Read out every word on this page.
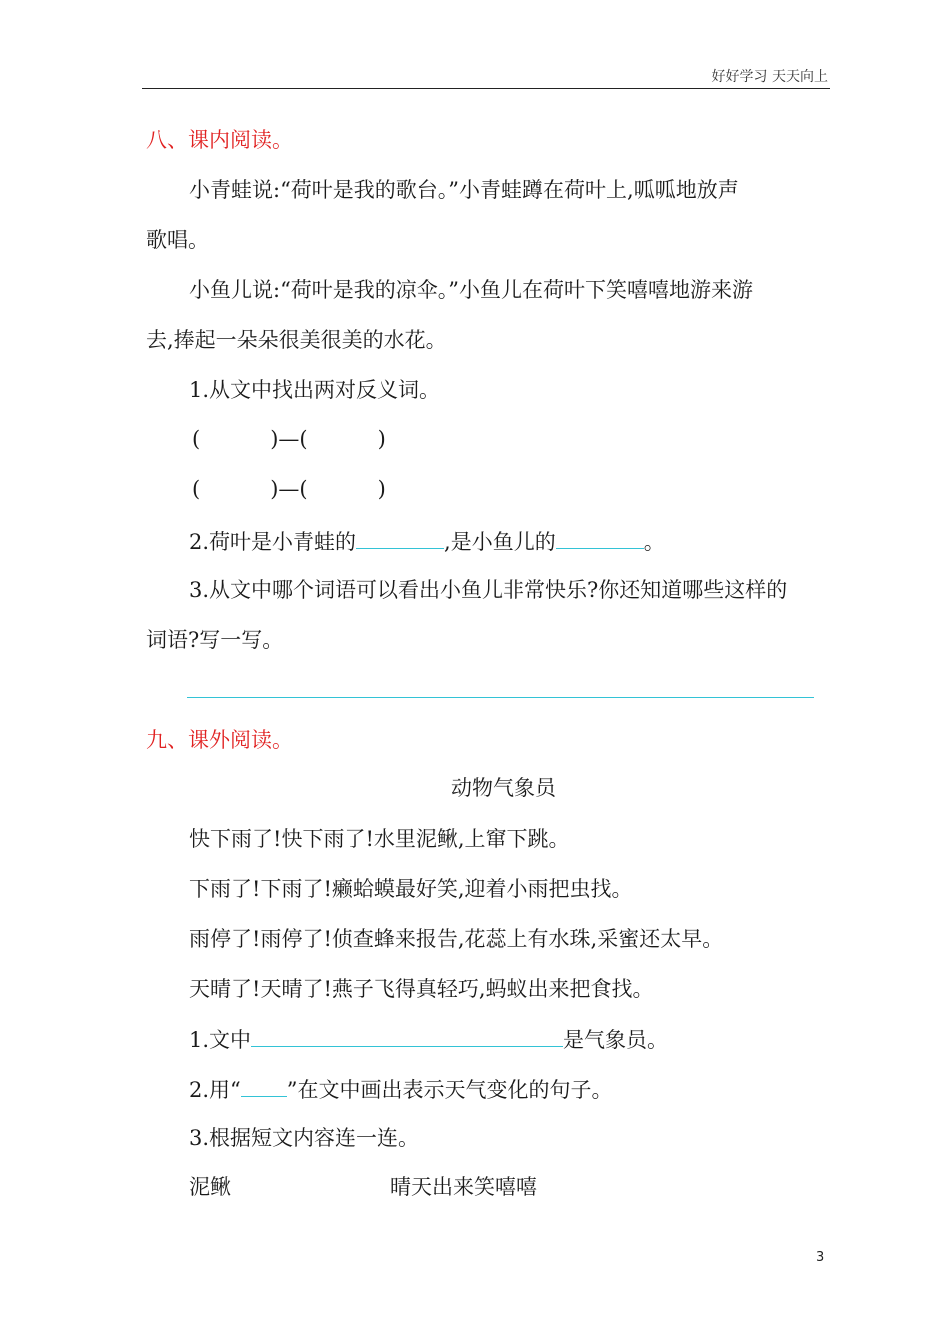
好好学习 天天向上
八、课内阅读。
小青蛙说:“荷叶是我的歌台。”小青蛙蹲在荷叶上,呱呱地放声
歌唱。
小鱼儿说:“荷叶是我的凉伞。”小鱼儿在荷叶下笑嘻嘻地游来游
去,捧起一朵朵很美很美的水花。
1.从文中找出两对反义词。
(	)—(	)
(	)—(	)
2.荷叶是小青蛙的	,是小鱼儿的	。
3.从文中哪个词语可以看出小鱼儿非常快乐?你还知道哪些这样的
词语?写一写。
九、课外阅读。
动物气象员
快下雨了!快下雨了!水里泥鳅,上窜下跳。
下雨了!下雨了!癞蛤蟆最好笑,迎着小雨把虫找。
雨停了!雨停了!侦查蜂来报告,花蕊上有水珠,采蜜还太早。
天晴了!天晴了!燕子飞得真轻巧,蚂蚁出来把食找。
1.文中	是气象员。
2.用“ ”在文中画出表示天气变化的句子。
3.根据短文内容连一连。
泥鳅	晴天出来笑嘻嘻
3
